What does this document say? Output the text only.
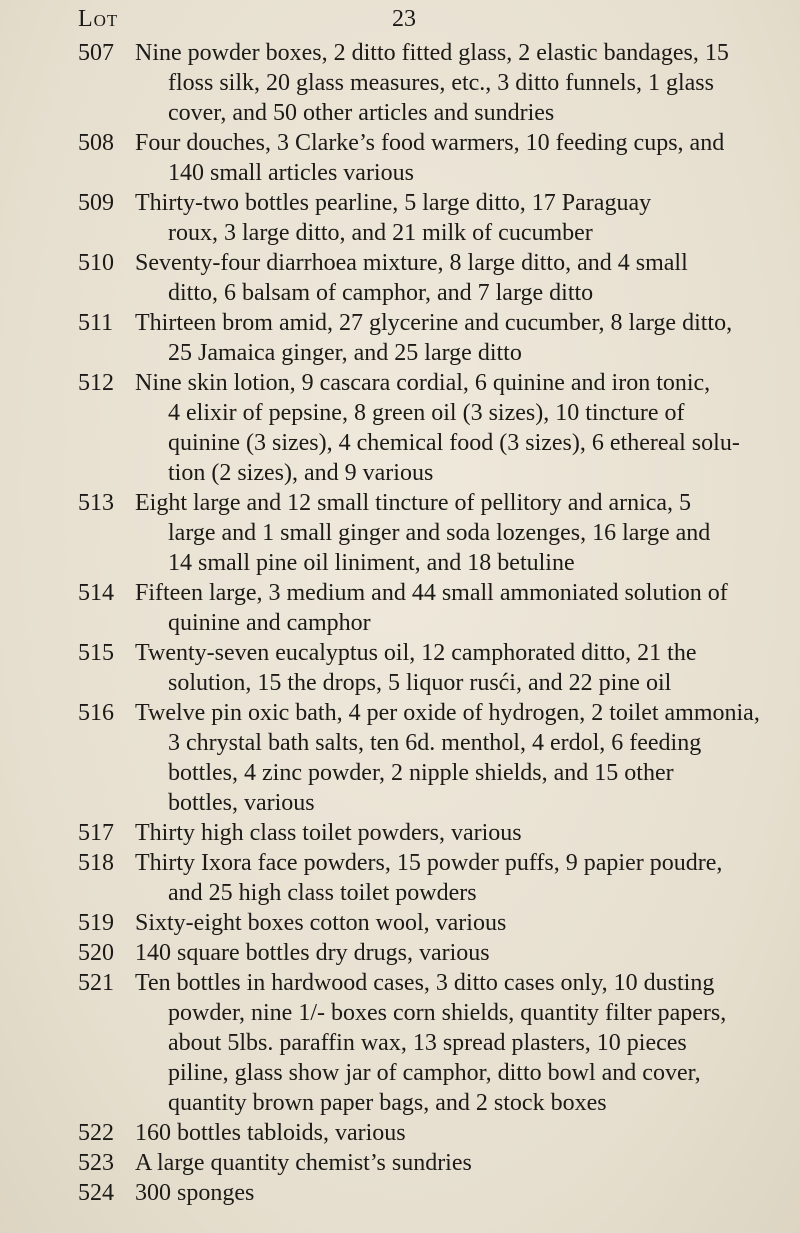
Lot	23
507 Nine powder boxes, 2 ditto fitted glass, 2 elastic bandages, 15
floss silk, 20 glass measures, etc., 3 ditto funnels, 1 glass
cover, and 50 other articles and sundries
508 Four douches, 3 Clarke’s food warmers, 10 feeding cups, and
140 small articles various
509 Thirty-two bottles pearline, 5 large ditto, 17 Paraguay
roux, 3 large ditto, and 21 milk of cucumber
510 Seventy-four diarrhoea mixture, 8 large ditto, and 4 small
ditto, 6 balsam of camphor, and 7 large ditto
511 Thirteen brom amid, 27 glycerine and cucumber, 8 large ditto,
25 Jamaica ginger, and 25 large ditto
512 Nine skin lotion, 9 cascara cordial, 6 quinine and iron tonic,
4 elixir of pepsine, 8 green oil (3 sizes), 10 tincture of
quinine (3 sizes), 4 chemical food (3 sizes), 6 ethereal solu-
tion (2 sizes), and 9 various
513 Eight large and 12 small tincture of pellitory and arnica, 5
large and 1 small ginger and soda lozenges, 16 large and
14 small pine oil liniment, and 18 betuline
514 Fifteen large, 3 medium and 44 small ammoniated solution of
quinine and camphor
515 Twenty-seven eucalyptus oil, 12 camphorated ditto, 21 the
solution, 15 the drops, 5 liquor rusći, and 22 pine oil
516 Twelve pin oxic bath, 4 per oxide of hydrogen, 2 toilet ammonia,
3 chrystal bath salts, ten 6d. menthol, 4 erdol, 6 feeding
bottles, 4 zinc powder, 2 nipple shields, and 15 other
bottles, various
517 Thirty high class toilet powders, various
518 Thirty Ixora face powders, 15 powder puffs, 9 papier poudre,
and 25 high class toilet powders
519 Sixty-eight boxes cotton wool, various
520 140 square bottles dry drugs, various
521 Ten bottles in hardwood cases, 3 ditto cases only, 10 dusting
powder, nine 1/- boxes corn shields, quantity filter papers,
about 5lbs. paraffin wax, 13 spread plasters, 10 pieces
piline, glass show jar of camphor, ditto bowl and cover,
quantity brown paper bags, and 2 stock boxes
522 160 bottles tabloids, various
523 A large quantity chemist’s sundries
524 300 sponges
